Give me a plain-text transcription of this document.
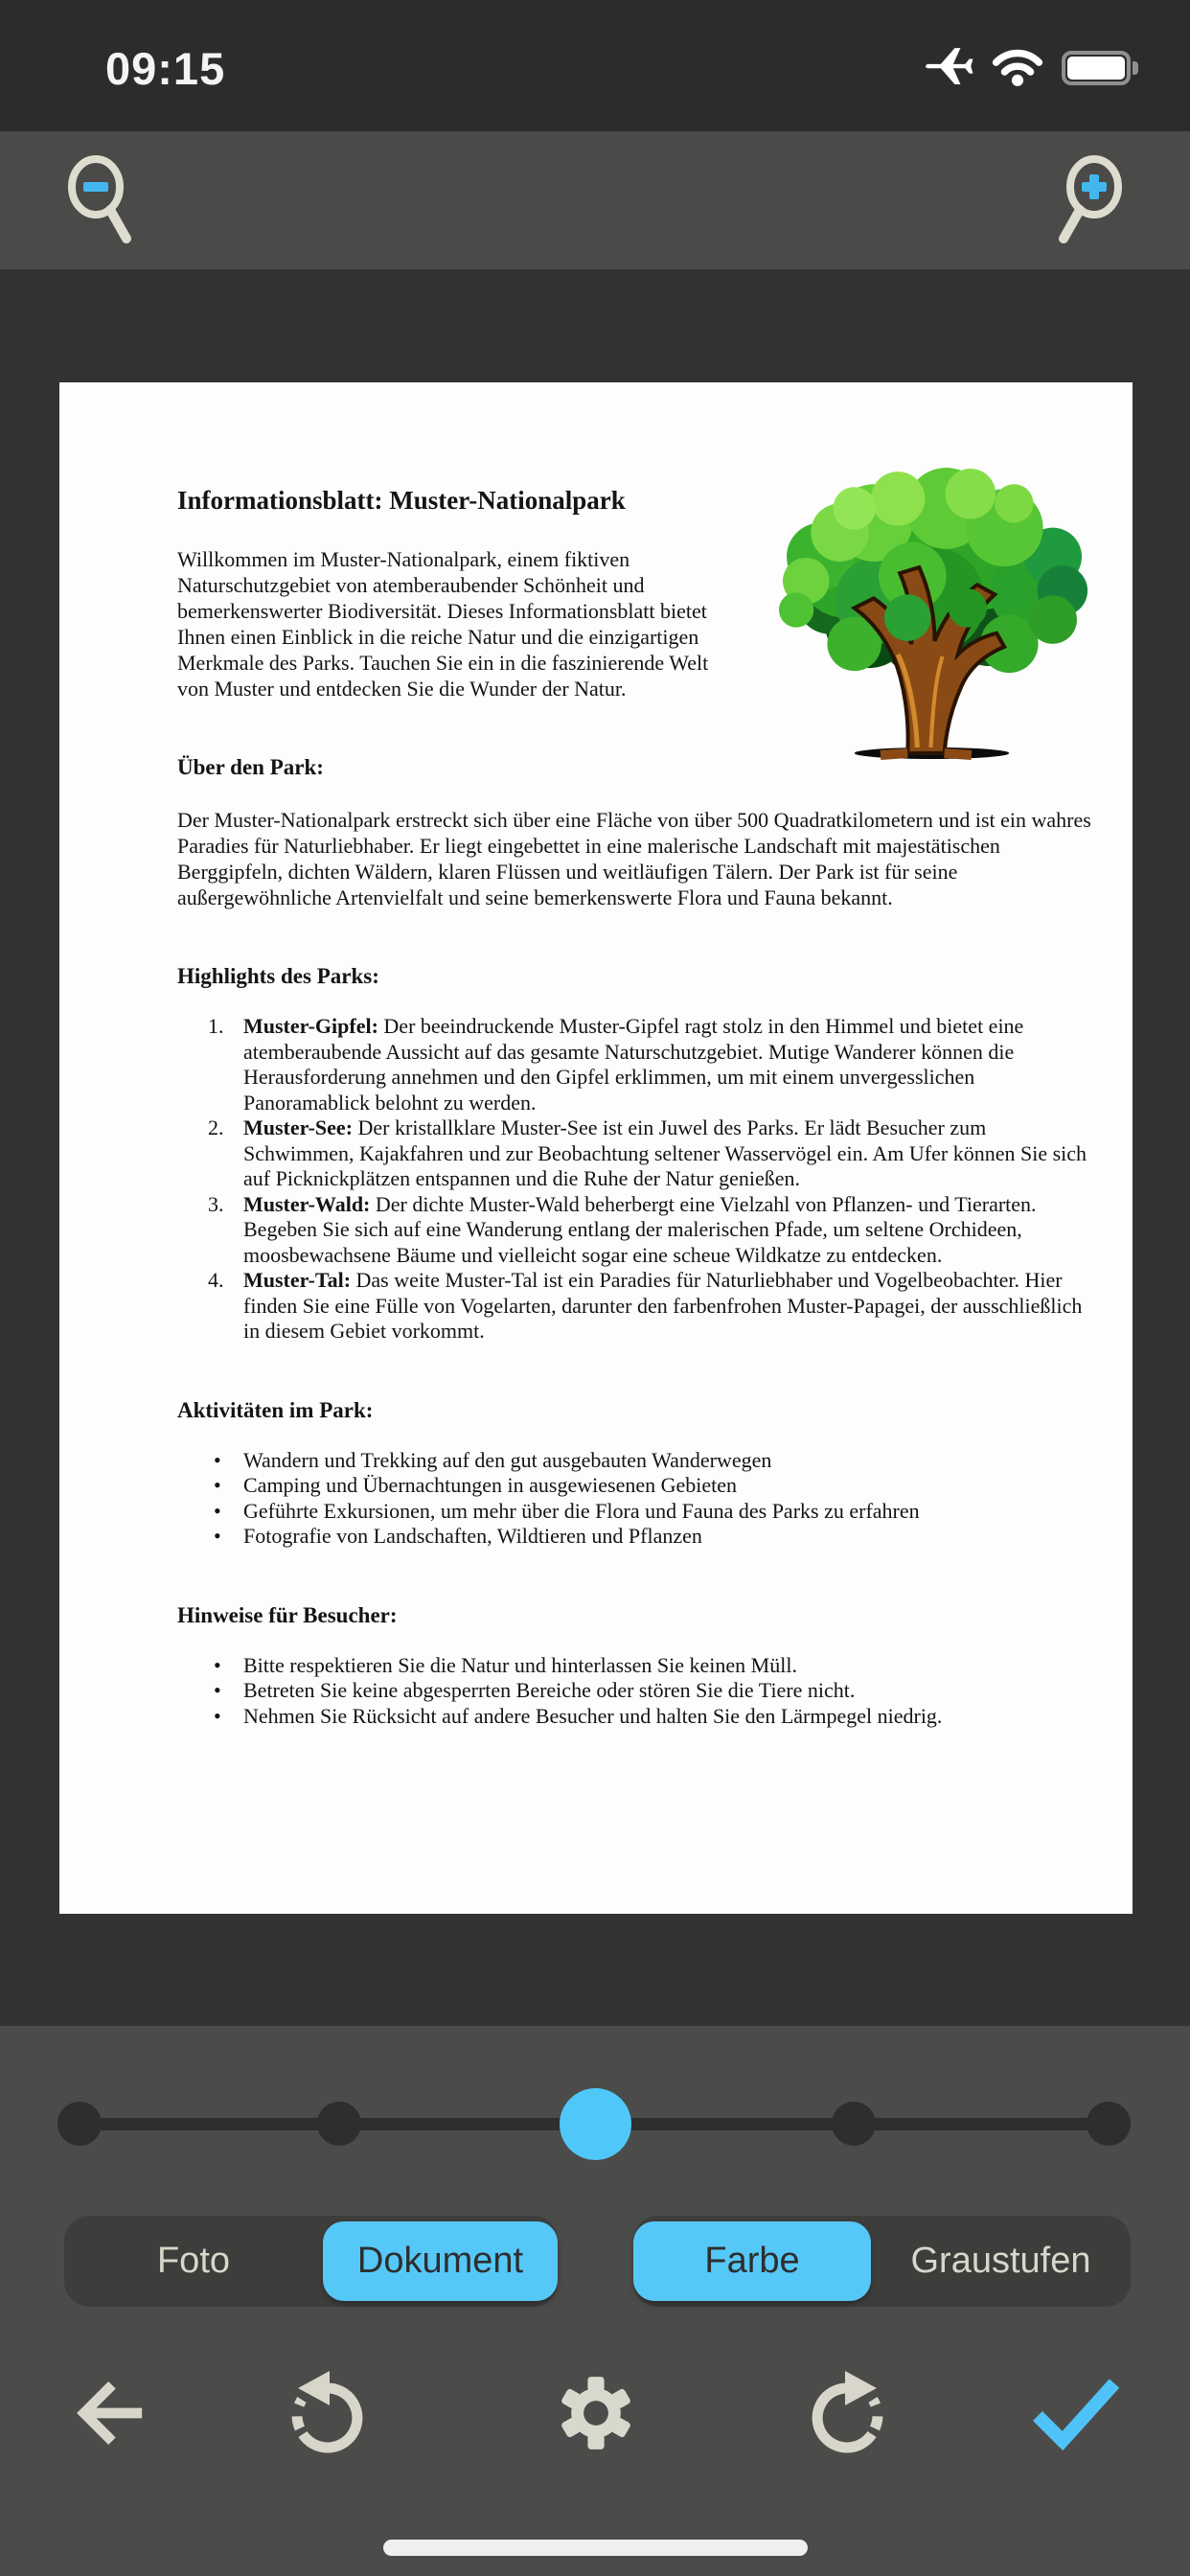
09:15
Informationsblatt: Muster-Nationalpark

Willkommen im Muster-Nationalpark, einem fiktiven Naturschutzgebiet von atemberaubender Schönheit und bemerkenswerter Biodiversität. Dieses Informationsblatt bietet Ihnen einen Einblick in die reiche Natur und die einzigartigen Merkmale des Parks. Tauchen Sie ein in die faszinierende Welt von Muster und entdecken Sie die Wunder der Natur.

Über den Park:

Der Muster-Nationalpark erstreckt sich über eine Fläche von über 500 Quadratkilometern und ist ein wahres Paradies für Naturliebhaber. Er liegt eingebettet in eine malerische Landschaft mit majestätischen Berggipfeln, dichten Wäldern, klaren Flüssen und weitläufigen Tälern. Der Park ist für seine außergewöhnliche Artenvielfalt und seine bemerkenswerte Flora und Fauna bekannt.

Highlights des Parks:
1. Muster-Gipfel: Der beeindruckende Muster-Gipfel ragt stolz in den Himmel und bietet eine atemberaubende Aussicht auf das gesamte Naturschutzgebiet. Mutige Wanderer können die Herausforderung annehmen und den Gipfel erklimmen, um mit einem unvergesslichen Panoramablick belohnt zu werden.
2. Muster-See: Der kristallklare Muster-See ist ein Juwel des Parks. Er lädt Besucher zum Schwimmen, Kajakfahren und zur Beobachtung seltener Wasservögel ein. Am Ufer können Sie sich auf Picknickplätzen entspannen und die Ruhe der Natur genießen.
3. Muster-Wald: Der dichte Muster-Wald beherbergt eine Vielzahl von Pflanzen- und Tierarten. Begeben Sie sich auf eine Wanderung entlang der malerischen Pfade, um seltene Orchideen, moosbewachsene Bäume und vielleicht sogar eine scheue Wildkatze zu entdecken.
4. Muster-Tal: Das weite Muster-Tal ist ein Paradies für Naturliebhaber und Vogelbeobachter. Hier finden Sie eine Fülle von Vogelarten, darunter den farbenfrohen Muster-Papagei, der ausschließlich in diesem Gebiet vorkommt.
Aktivitäten im Park:
• Wandern und Trekking auf den gut ausgebauten Wanderwegen
• Camping und Übernachtungen in ausgewiesenen Gebieten
• Geführte Exkursionen, um mehr über die Flora und Fauna des Parks zu erfahren
• Fotografie von Landschaften, Wildtieren und Pflanzen
Hinweise für Besucher:
• Bitte respektieren Sie die Natur und hinterlassen Sie keinen Müll.
• Betreten Sie keine abgesperrten Bereiche oder stören Sie die Tiere nicht.
• Nehmen Sie Rücksicht auf andere Besucher und halten Sie den Lärmpegel niedrig.
Foto	Dokument	Farbe	Graustufen
